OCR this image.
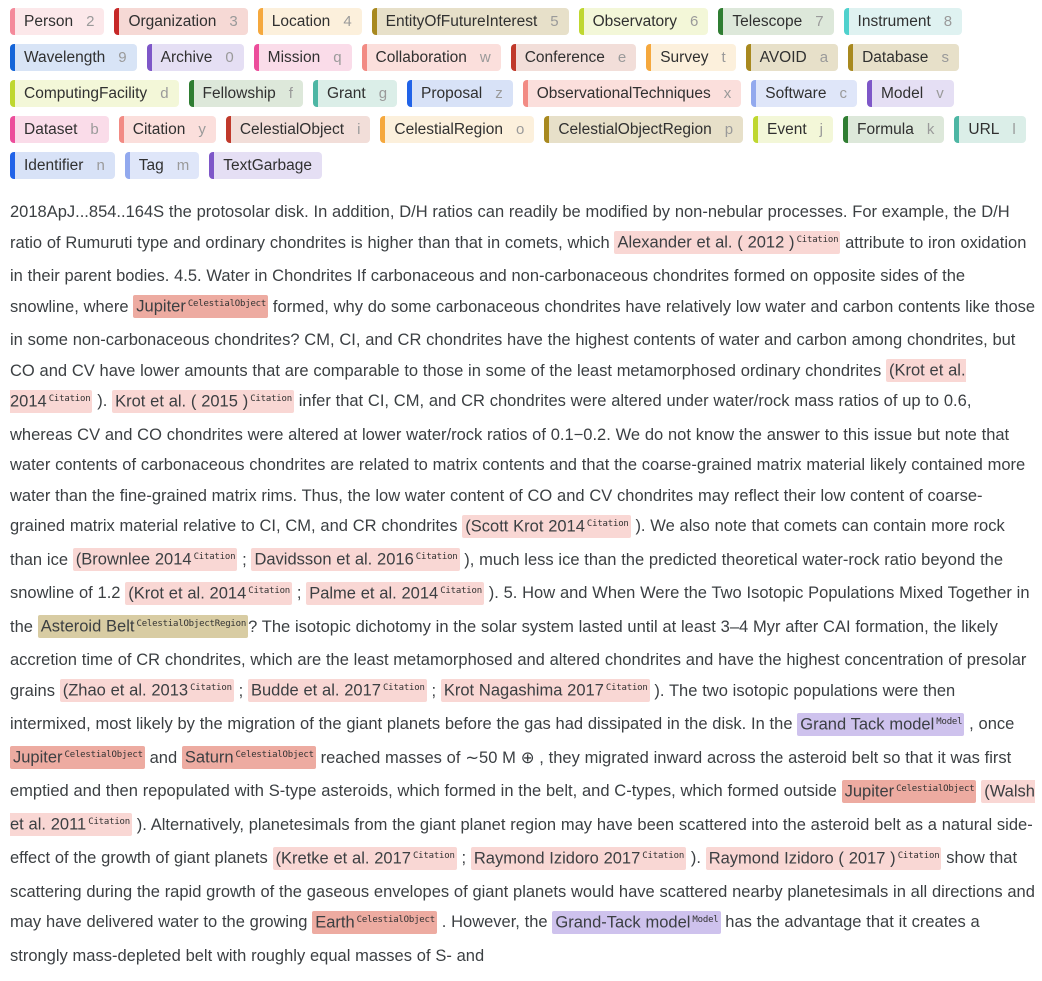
Person 2 Organization 3 Location 4 EntityOfFutureInterest 5 Observatory 6 Telescope 7 Instrument 8
Wavelength 9 Archive 0 Mission q Collaboration w Conference e Survey t AVOID a Database s
ComputingFacility d Fellowship f Grant g Proposal z ObservationalTechniques x Software c Model v
Dataset b Citation y CelestialObject i CelestialRegion o CelestialObjectRegion p Event j Formula k URL l
Identifier n Tag m TextGarbage
2018ApJ...854..164S the protosolar disk. In addition, D/H ratios can readily be modified by non-nebular processes. For example, the D/H ratio of Rumuruti type and ordinary chondrites is higher than that in comets, which Alexander et al. ( 2012 ) $^{Citation}$ attribute to iron oxidation in their parent bodies. 4.5. Water in Chondrites If carbonaceous and non-carbonaceous chondrites formed on opposite sides of the snowline, where Jupiter $^{CelestialObject}$ formed, why do some carbonaceous chondrites have relatively low water and carbon contents like those in some non-carbonaceous chondrites? CM, CI, and CR chondrites have the highest contents of water and carbon among chondrites, but CO and CV have lower amounts that are comparable to those in some of the least metamorphosed ordinary chondrites (Krot et al. 2014 $^{Citation}$ ). Krot et al. ( 2015 ) $^{Citation}$ infer that CI, CM, and CR chondrites were altered under water/rock mass ratios of up to 0.6, whereas CV and CO chondrites were altered at lower water/rock ratios of 0.1−0.2. We do not know the answer to this issue but note that water contents of carbonaceous chondrites are related to matrix contents and that the coarse-grained matrix material likely contained more water than the fine-grained matrix rims. Thus, the low water content of CO and CV chondrites may reflect their low content of coarse-grained matrix material relative to CI, CM, and CR chondrites (Scott Krot 2014 $^{Citation}$ ). We also note that comets can contain more rock than ice (Brownlee 2014 $^{Citation}$ ; Davidsson et al. 2016 $^{Citation}$ ), much less ice than the predicted theoretical water-rock ratio beyond the snowline of 1.2 (Krot et al. 2014 $^{Citation}$ ; Palme et al. 2014 $^{Citation}$ ). 5. How and When Were the Two Isotopic Populations Mixed Together in the Asteroid Belt $^{CelestialObjectRegion}$ ? The isotopic dichotomy in the solar system lasted until at least 3–4 Myr after CAI formation, the likely accretion time of CR chondrites, which are the least metamorphosed and altered chondrites and have the highest concentration of presolar grains (Zhao et al. 2013 $^{Citation}$ ; Budde et al. 2017 $^{Citation}$ ; Krot Nagashima 2017 $^{Citation}$ ). The two isotopic populations were then intermixed, most likely by the migration of the giant planets before the gas had dissipated in the disk. In the Grand Tack model $^{Model}$ , once Jupiter $^{CelestialObject}$ and Saturn $^{CelestialObject}$ reached masses of ∼50 M ⊕ , they migrated inward across the asteroid belt so that it was first emptied and then repopulated with S-type asteroids, which formed in the belt, and C-types, which formed outside Jupiter $^{CelestialObject}$ (Walsh et al. 2011 $^{Citation}$ ). Alternatively, planetesimals from the giant planet region may have been scattered into the asteroid belt as a natural side-effect of the growth of giant planets (Kretke et al. 2017 $^{Citation}$ ; Raymond Izidoro 2017 $^{Citation}$ ). Raymond Izidoro ( 2017 ) $^{Citation}$ show that scattering during the rapid growth of the gaseous envelopes of giant planets would have scattered nearby planetesimals in all directions and may have delivered water to the growing Earth $^{CelestialObject}$ . However, the Grand-Tack model $^{Model}$ has the advantage that it creates a strongly mass-depleted belt with roughly equal masses of S- and
